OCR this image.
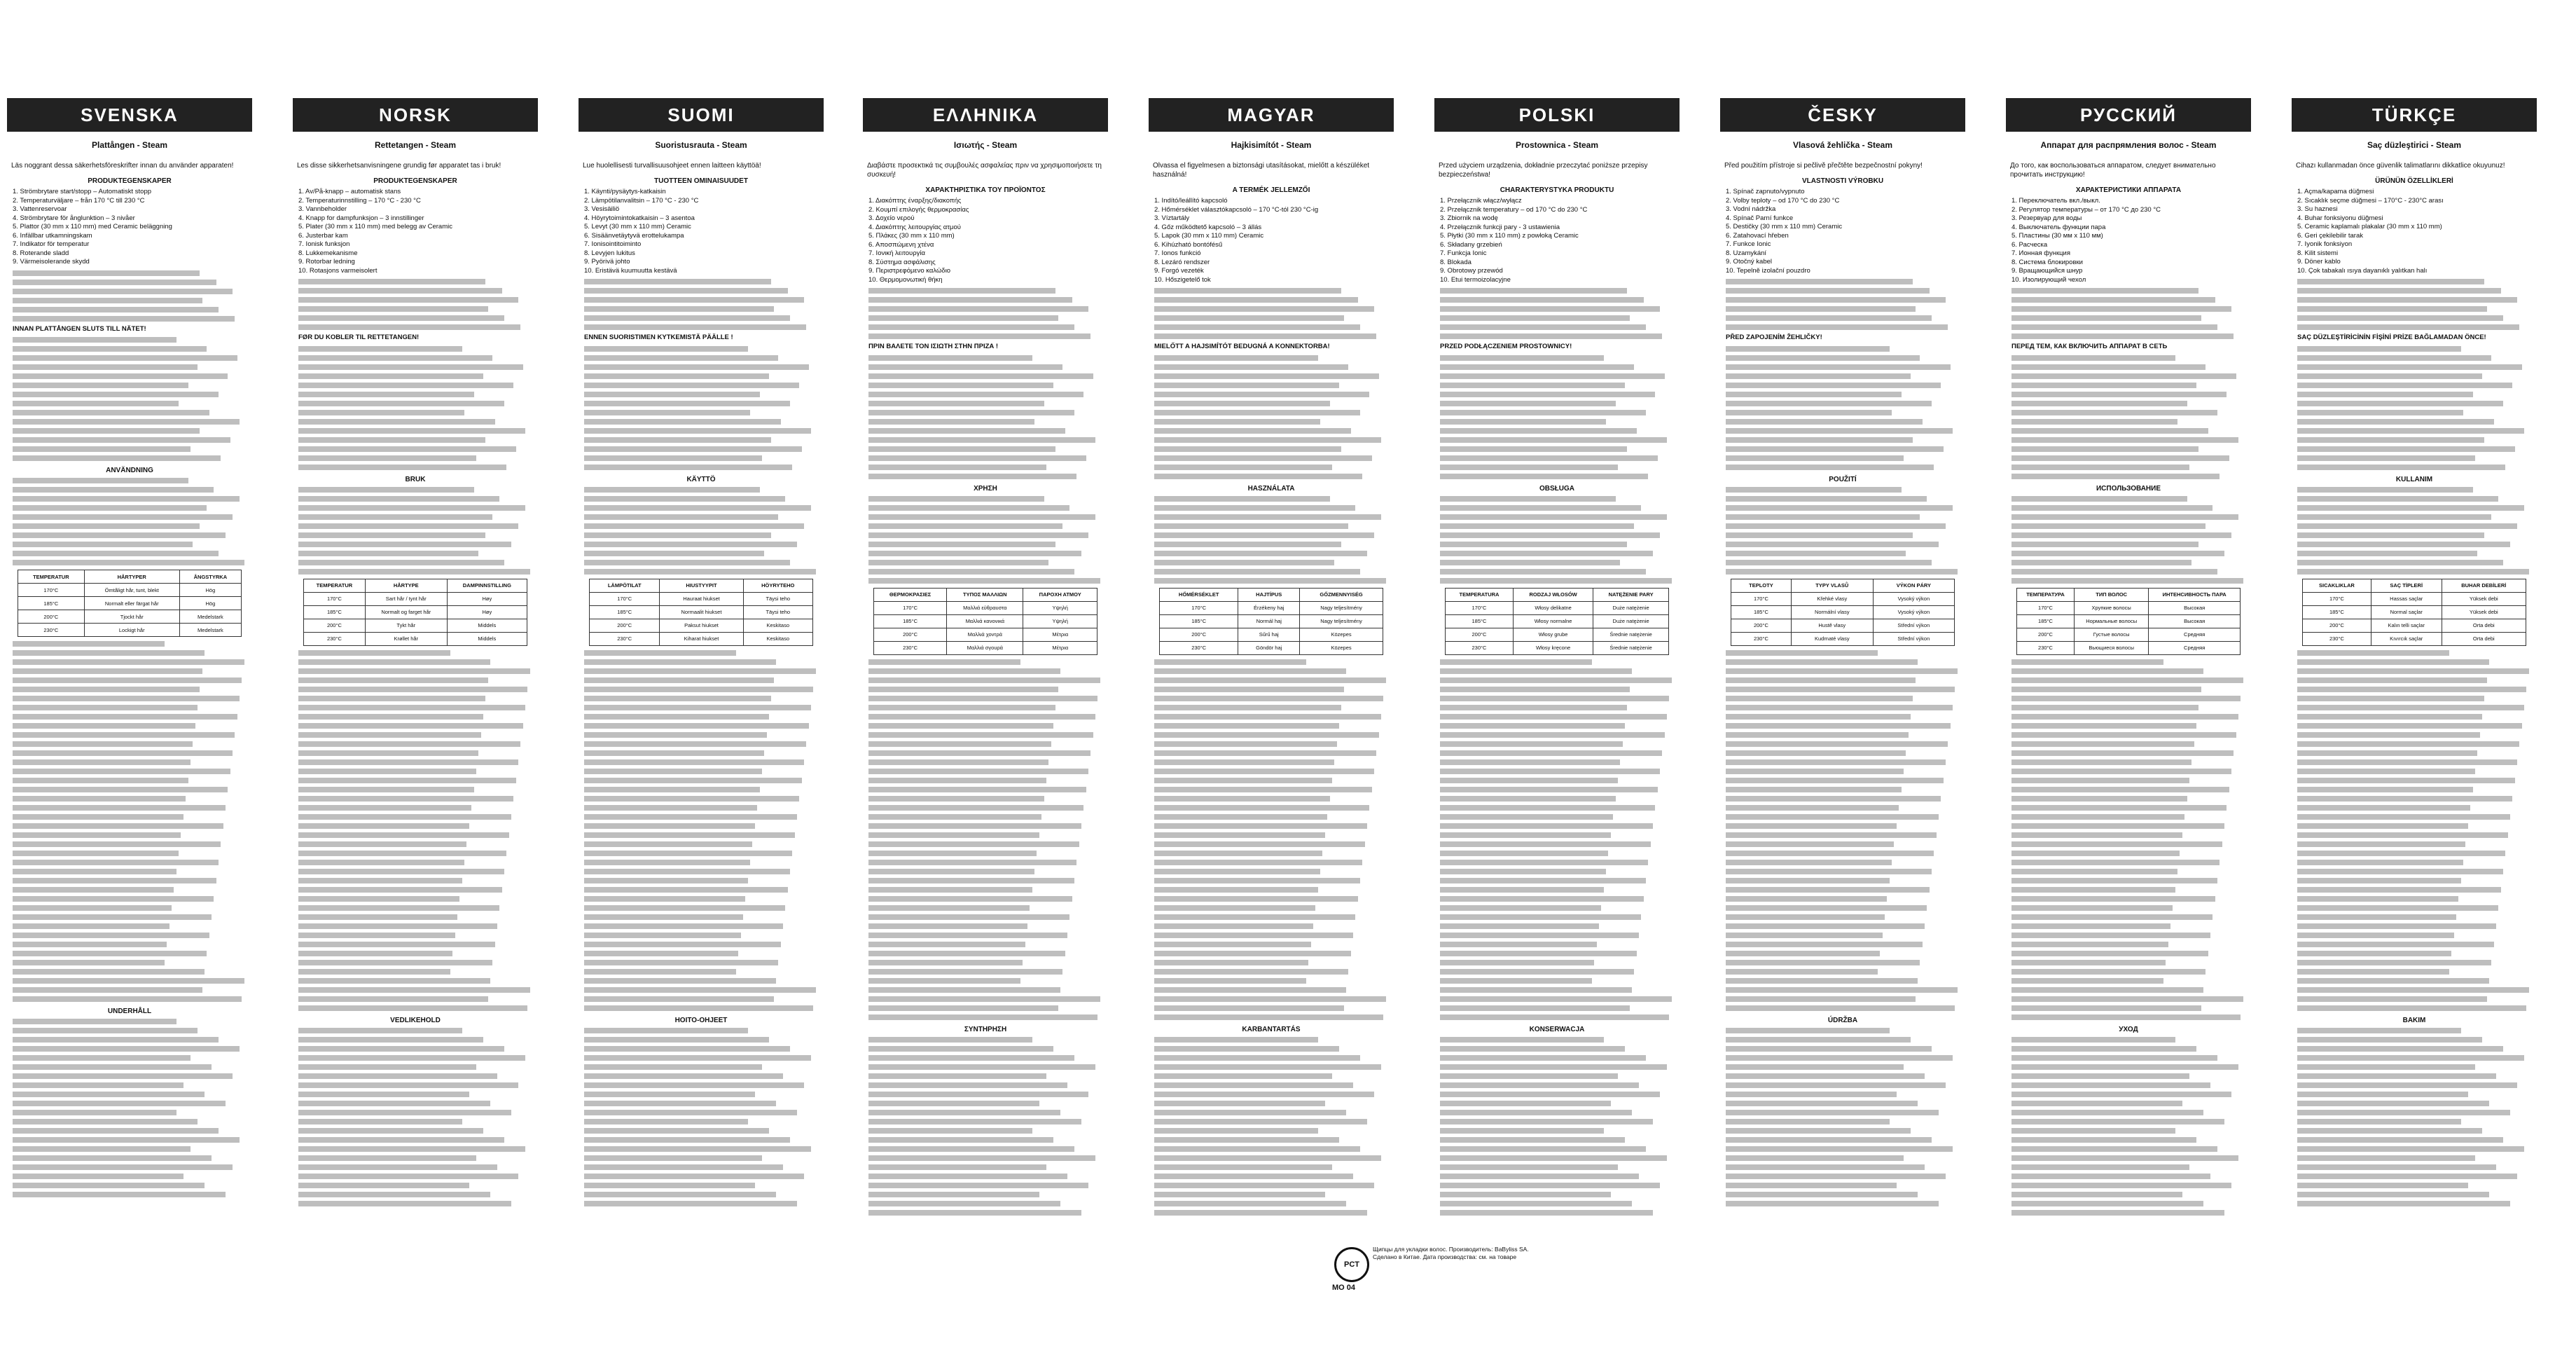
SVENSKA
Plattången - Steam
Läs noggrant dessa säkerhetsföreskrifter innan du använder apparaten!
PRODUKTEGENSKAPER
1. Strömbrytare start/stopp – Automatiskt stopp
2. Temperaturväljare – från 170 °C till 230 °C
3. Vattenreservoar
4. Strömbrytare för ånglunktion – 3 nivåer
5. Plattor (30 mm x 110 mm) med Ceramic beläggning
6. Infällbar utkamningskam
7. Indikator för temperatur
8. Roterande sladd
9. Värmeisolerande skydd
INNAN PLATTÅNGEN SLUTS TILL NÄTET!
ANVÄNDNING
TEMPERATUR	HÅRTYPER	ÅNGSTYRKA
170°C	Ömtåligt hår, tunt, blekt	Hög
185°C	Normalt eller färgat hår	Hög
200°C	Tjockt hår	Medelstark
230°C	Lockigt hår	Medelstark
UNDERHÅLL
NORSK
Rettetangen - Steam
Les disse sikkerhetsanvisningene grundig før apparatet tas i bruk!
PRODUKTEGENSKAPER
1. Av/På-knapp – automatisk stans
2. Temperaturinnstilling – 170 °C - 230 °C
3. Vannbeholder
4. Knapp for dampfunksjon – 3 innstillinger
5. Plater (30 mm x 110 mm) med belegg av Ceramic
6. Justerbar kam
7. Ionisk funksjon
8. Lukkemekanisme
9. Rotorbar ledning
10. Rotasjons varmeisolert
FØR DU KOBLER TIL RETTETANGEN!
BRUK
TEMPERATUR	HÅRTYPE	DAMPINNSTILLING
170°C	Sart hår / tynt hår	Høy
185°C	Normalt og farget hår	Høy
200°C	Tykt hår	Middels
230°C	Krøllet hår	Middels
VEDLIKEHOLD
SUOMI
Suoristusrauta - Steam
Lue huolellisesti turvallisuusohjeet ennen laitteen käyttöä!
TUOTTEEN OMINAISUUDET
1. Käynti/pysäytys-katkaisin
2. Lämpötilanvalitsin – 170 °C - 230 °C
3. Vesisäiliö
4. Höyrytoimintokatkaisin – 3 asentoa
5. Levyt (30 mm x 110 mm) Ceramic
6. Sisäänvetäytyvä erottelukampa
7. Ionisointitoiminto
8. Levyjen lukitus
9. Pyörivä johto
10. Eristävä kuumuutta kestävä
ENNEN SUORISTIMEN KYTKEMISTÄ PÄÄLLE !
KÄYTTÖ
LÄMPÖTILAT	HIUSTYYPIT	HÖYRYTEHO
170°C	Hauraat hiukset	Täysi teho
185°C	Normaalit hiukset	Täysi teho
200°C	Paksut hiukset	Keskitaso
230°C	Kiharat hiukset	Keskitaso
HOITO-OHJEET
ΕΛΛΗΝΙΚΑ
Ισιωτής - Steam
Διαβάστε προσεκτικά τις συμβουλές ασφαλείας πριν να χρησιμοποιήσετε τη συσκευή!
ΧΑΡΑΚΤΗΡΙΣΤΙΚΑ ΤΟΥ ΠΡΟΪΟΝΤΟΣ
1. Διακόπτης έναρξης/διακοπής
2. Κουμπί επιλογής θερμοκρασίας
3. Δοχείο νερού
4. Διακόπτης λειτουργίας ατμού
5. Πλάκες (30 mm x 110 mm)
6. Αποσπώμενη χτένα
7. Ιονική λειτουργία
8. Σύστημα ασφάλισης
9. Περιστρεφόμενο καλώδιο
10. Θερμομονωτική θήκη
ΠΡΙΝ ΒΑΛΕΤΕ ΤΟΝ ΙΣΙΩΤΗ ΣΤΗΝ ΠΡΙΖΑ !
ΧΡΗΣΗ
ΘΕΡΜΟΚΡΑΣΙΕΣ	ΤΥΠΟΣ ΜΑΛΛΙΩΝ	ΠΑΡΟΧΗ ΑΤΜΟΥ
170°C	Μαλλιά εύθραυστα	Υψηλή
185°C	Μαλλιά κανονικά	Υψηλή
200°C	Μαλλιά χοντρά	Μέτρια
230°C	Μαλλιά σγουρά	Μέτρια
ΣΥΝΤΗΡΗΣΗ
MAGYAR
Hajkisimítót - Steam
Olvassa el figyelmesen a biztonsági utasításokat, mielőtt a készüléket használná!
A TERMÉK JELLEMZŐI
1. Indító/leállító kapcsoló
2. Hőmérséklet választókapcsoló – 170 °C-tól 230 °C-ig
3. Víztartály
4. Gőz működtető kapcsoló – 3 állás
5. Lapok (30 mm x 110 mm) Ceramic
6. Kihúzható bontófésű
7. Ionos funkció
8. Lezáró rendszer
9. Forgó vezeték
10. Hőszigetelő tok
MIELŐTT A HAJSIMÍTÓT BEDUGNÁ A KONNEKTORBA!
HASZNÁLATA
HŐMÉRSÉKLET	HAJTÍPUS	GŐZMENNYISÉG
170°C	Érzékeny haj	Nagy teljesítmény
185°C	Normál haj	Nagy teljesítmény
200°C	Sűrű haj	Közepes
230°C	Göndör haj	Közepes
KARBANTARTÁS
POLSKI
Prostownica - Steam
Przed użyciem urządzenia, dokładnie przeczytać poniższe przepisy bezpieczeństwa!
CHARAKTERYSTYKA PRODUKTU
1. Przełącznik włącz/wyłącz
2. Przełącznik temperatury – od 170 °C do 230 °C
3. Zbiornik na wodę
4. Przełącznik funkcji pary - 3 ustawienia
5. Płytki (30 mm x 110 mm) z powłoką Ceramic
6. Składany grzebień
7. Funkcja Ionic
8. Blokada
9. Obrotowy przewód
10. Etui termoizolacyjne
PRZED PODŁĄCZENIEM PROSTOWNICY!
OBSŁUGA
TEMPERATURA	RODZAJ WŁOSÓW	NATĘŻENIE PARY
170°C	Włosy delikatne	Duże natężenie
185°C	Włosy normalne	Duże natężenie
200°C	Włosy grube	Średnie natężenie
230°C	Włosy kręcone	Średnie natężenie
KONSERWACJA
ČESKY
Vlasová žehlička - Steam
Před použitím přístroje si pečlivě přečtěte bezpečnostní pokyny!
VLASTNOSTI VÝROBKU
1. Spínač zapnuto/vypnuto
2. Volby teploty – od 170 °C do 230 °C
3. Vodní nádržka
4. Spínač Parní funkce
5. Destičky (30 mm x 110 mm) Ceramic
6. Zatahovací hřeben
7. Funkce Ionic
8. Uzamykání
9. Otočný kabel
10. Tepelně izolační pouzdro
PŘED ZAPOJENÍM ŽEHLIČKY!
POUŽITÍ
TEPLOTY	TYPY VLASŮ	VÝKON PÁRY
170°C	Křehké vlasy	Vysoký výkon
185°C	Normální vlasy	Vysoký výkon
200°C	Hustě vlasy	Střední výkon
230°C	Kudrnaté vlasy	Střední výkon
ÚDRŽBA
РУССКИЙ
Аппарат для распрямления волос - Steam
До того, как воспользоваться аппаратом, следует внимательно прочитать инструкцию!
ХАРАКТЕРИСТИКИ АППАРАТА
1. Переключатель вкл./выкл.
2. Регулятор температуры – от 170 °C до 230 °C
3. Резервуар для воды
4. Выключатель функции пара
5. Пластины (30 мм x 110 мм)
6. Расческа
7. Ионная функция
8. Система блокировки
9. Вращающийся шнур
10. Изолирующий чехол
ПЕРЕД ТЕМ, КАК ВКЛЮЧИТЬ АППАРАТ В СЕТЬ
ИСПОЛЬЗОВАНИЕ
ТЕМПЕРАТУРА	ТИП ВОЛОС	ИНТЕНСИВНОСТЬ ПАРА
170°C	Хрупкие волосы	Высокая
185°C	Нормальные волосы	Высокая
200°C	Густые волосы	Средняя
230°C	Вьющиеся волосы	Средняя
УХОД
TÜRKÇE
Saç düzleştirici - Steam
Cihazı kullanmadan önce güvenlik talimatlarını dikkatlice okuyunuz!
ÜRÜNÜN ÖZELLİKLERİ
1. Açma/kapama düğmesi
2. Sıcaklık seçme düğmesi – 170°C - 230°C arası
3. Su haznesi
4. Buhar fonksiyonu düğmesi
5. Ceramic kaplamalı plakalar (30 mm x 110 mm)
6. Geri çekilebilir tarak
7. Iyonik fonksiyon
8. Kilit sistemi
9. Döner kablo
10. Çok tabakalı ısıya dayanıklı yalıtkan halı
SAÇ DÜZLEŞTİRİCİNİN FİŞİNİ PRİZE BAĞLAMADAN ÖNCE!
KULLANIM
SICAKLIKLAR	SAÇ TİPLERİ	BUHAR DEBİLERİ
170°C	Hassas saçlar	Yüksek debi
185°C	Normal saçlar	Yüksek debi
200°C	Kalın telli saçlar	Orta debi
230°C	Kıvırcık saçlar	Orta debi
BAKIM
PCT
МО 04
Щипцы для укладки волос. Производитель: BaByliss SA. Сделано в Китае. Дата производства: см. на товаре
